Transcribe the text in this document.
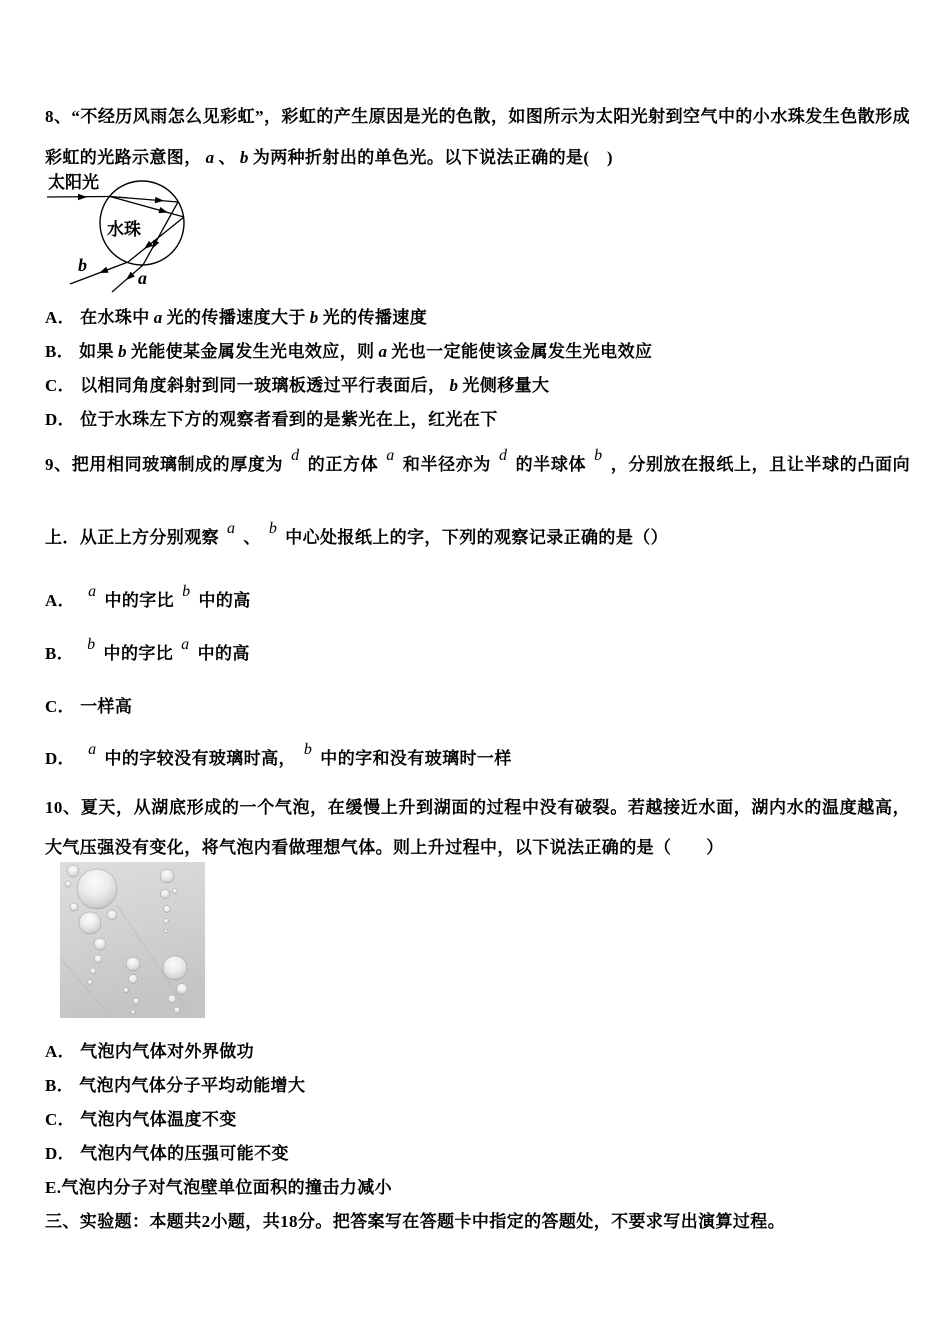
8、“不经历风雨怎么见彩虹”，彩虹的产生原因是光的色散，如图所示为太阳光射到空气中的小水珠发生色散形成彩虹的光路示意图， a 、 b 为两种折射出的单色光。以下说法正确的是(　)
太阳光
水珠
b
a
A． 在水珠中 a 光的传播速度大于 b 光的传播速度
B． 如果 b 光能使某金属发生光电效应，则 a 光也一定能使该金属发生光电效应
C． 以相同角度斜射到同一玻璃板透过平行表面后， b 光侧移量大
D． 位于水珠左下方的观察者看到的是紫光在上，红光在下
9、把用相同玻璃制成的厚度为 d 的正方体 a 和半径亦为 d 的半球体 b ，分别放在报纸上，且让半球的凸面向上．从正上方分别观察 a 、 b 中心处报纸上的字，下列的观察记录正确的是（）
A． a 中的字比 b 中的高
B． b 中的字比 a 中的高
C． 一样高
D． a 中的字较没有玻璃时高， b 中的字和没有玻璃时一样
10、夏天，从湖底形成的一个气泡，在缓慢上升到湖面的过程中没有破裂。若越接近水面，湖内水的温度越高，大气压强没有变化，将气泡内看做理想气体。则上升过程中，以下说法正确的是（　　）
A． 气泡内气体对外界做功
B． 气泡内气体分子平均动能增大
C． 气泡内气体温度不变
D． 气泡内气体的压强可能不变
E.气泡内分子对气泡壁单位面积的撞击力减小
三、实验题：本题共2小题，共18分。把答案写在答题卡中指定的答题处，不要求写出演算过程。
